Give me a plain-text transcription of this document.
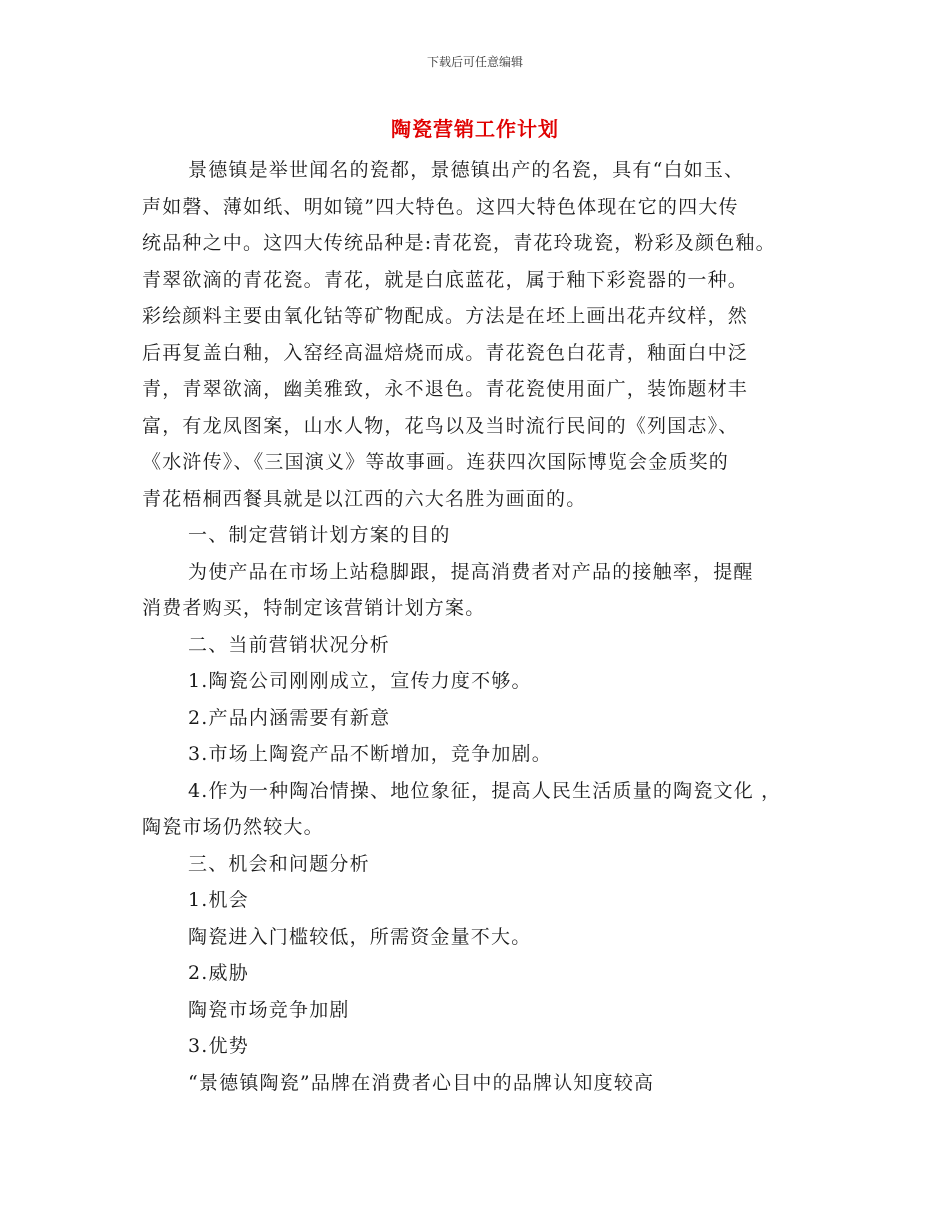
下载后可任意编辑
陶瓷营销工作计划
景德镇是举世闻名的瓷都，景德镇出产的名瓷，具有“白如玉、
声如磬、薄如纸、明如镜”四大特色。这四大特色体现在它的四大传
统品种之中。这四大传统品种是:青花瓷，青花玲珑瓷，粉彩及颜色釉。
青翠欲滴的青花瓷。青花，就是白底蓝花，属于釉下彩瓷器的一种。
彩绘颜料主要由氧化钴等矿物配成。方法是在坯上画出花卉纹样，然
后再复盖白釉，入窑经高温焙烧而成。青花瓷色白花青，釉面白中泛
青，青翠欲滴，幽美雅致，永不退色。青花瓷使用面广，装饰题材丰
富，有龙凤图案，山水人物，花鸟以及当时流行民间的《列国志》、
《水浒传》、《三国演义》等故事画。连获四次国际博览会金质奖的
青花梧桐西餐具就是以江西的六大名胜为画面的。
一、制定营销计划方案的目的
为使产品在市场上站稳脚跟，提高消费者对产品的接触率，提醒
消费者购买，特制定该营销计划方案。
二、当前营销状况分析
1.陶瓷公司刚刚成立，宣传力度不够。
2.产品内涵需要有新意
3.市场上陶瓷产品不断增加，竞争加剧。
4.作为一种陶冶情操、地位象征，提高人民生活质量的陶瓷文化 ，
陶瓷市场仍然较大。
三、机会和问题分析
1.机会
陶瓷进入门槛较低，所需资金量不大。
2.威胁
陶瓷市场竞争加剧
3.优势
“景德镇陶瓷”品牌在消费者心目中的品牌认知度较高
